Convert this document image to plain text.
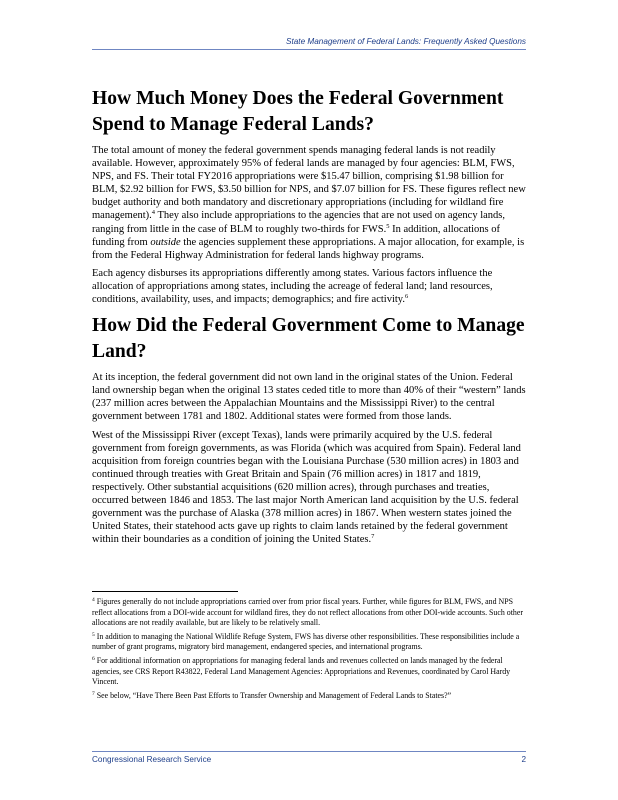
State Management of Federal Lands: Frequently Asked Questions
How Much Money Does the Federal Government Spend to Manage Federal Lands?

The total amount of money the federal government spends managing federal lands is not readily available. However, approximately 95% of federal lands are managed by four agencies: BLM, FWS, NPS, and FS. Their total FY2016 appropriations were $15.47 billion, comprising $1.98 billion for BLM, $2.92 billion for FWS, $3.50 billion for NPS, and $7.07 billion for FS. These figures reflect new budget authority and both mandatory and discretionary appropriations (including for wildland fire management).$^4$ They also include appropriations to the agencies that are not used on agency lands, ranging from little in the case of BLM to roughly two-thirds for FWS.$^5$ In addition, allocations of funding from outside the agencies supplement these appropriations. A major allocation, for example, is from the Federal Highway Administration for federal lands highway programs.

Each agency disburses its appropriations differently among states. Various factors influence the allocation of appropriations among states, including the acreage of federal land; land resources, conditions, availability, uses, and impacts; demographics; and fire activity.$^6$

How Did the Federal Government Come to Manage Land?

At its inception, the federal government did not own land in the original states of the Union. Federal land ownership began when the original 13 states ceded title to more than 40% of their “western” lands (237 million acres between the Appalachian Mountains and the Mississippi River) to the central government between 1781 and 1802. Additional states were formed from those lands.

West of the Mississippi River (except Texas), lands were primarily acquired by the U.S. federal government from foreign governments, as was Florida (which was acquired from Spain). Federal land acquisition from foreign countries began with the Louisiana Purchase (530 million acres) in 1803 and continued through treaties with Great Britain and Spain (76 million acres) in 1817 and 1819, respectively. Other substantial acquisitions (620 million acres), through purchases and treaties, occurred between 1846 and 1853. The last major North American land acquisition by the U.S. federal government was the purchase of Alaska (378 million acres) in 1867. When western states joined the United States, their statehood acts gave up rights to claim lands retained by the federal government within their boundaries as a condition of joining the United States.$^7$

$^4$ Figures generally do not include appropriations carried over from prior fiscal years. Further, while figures for BLM, FWS, and NPS reflect allocations from a DOI-wide account for wildland fires, they do not reflect allocations from other DOI-wide accounts. Such other allocations are not readily available, but are likely to be relatively small.

$^5$ In addition to managing the National Wildlife Refuge System, FWS has diverse other responsibilities. These responsibilities include a number of grant programs, migratory bird management, endangered species, and international programs.

$^6$ For additional information on appropriations for managing federal lands and revenues collected on lands managed by the federal agencies, see CRS Report R43822, Federal Land Management Agencies: Appropriations and Revenues, coordinated by Carol Hardy Vincent.

$^7$ See below, “Have There Been Past Efforts to Transfer Ownership and Management of Federal Lands to States?”

Congressional Research Service	2
